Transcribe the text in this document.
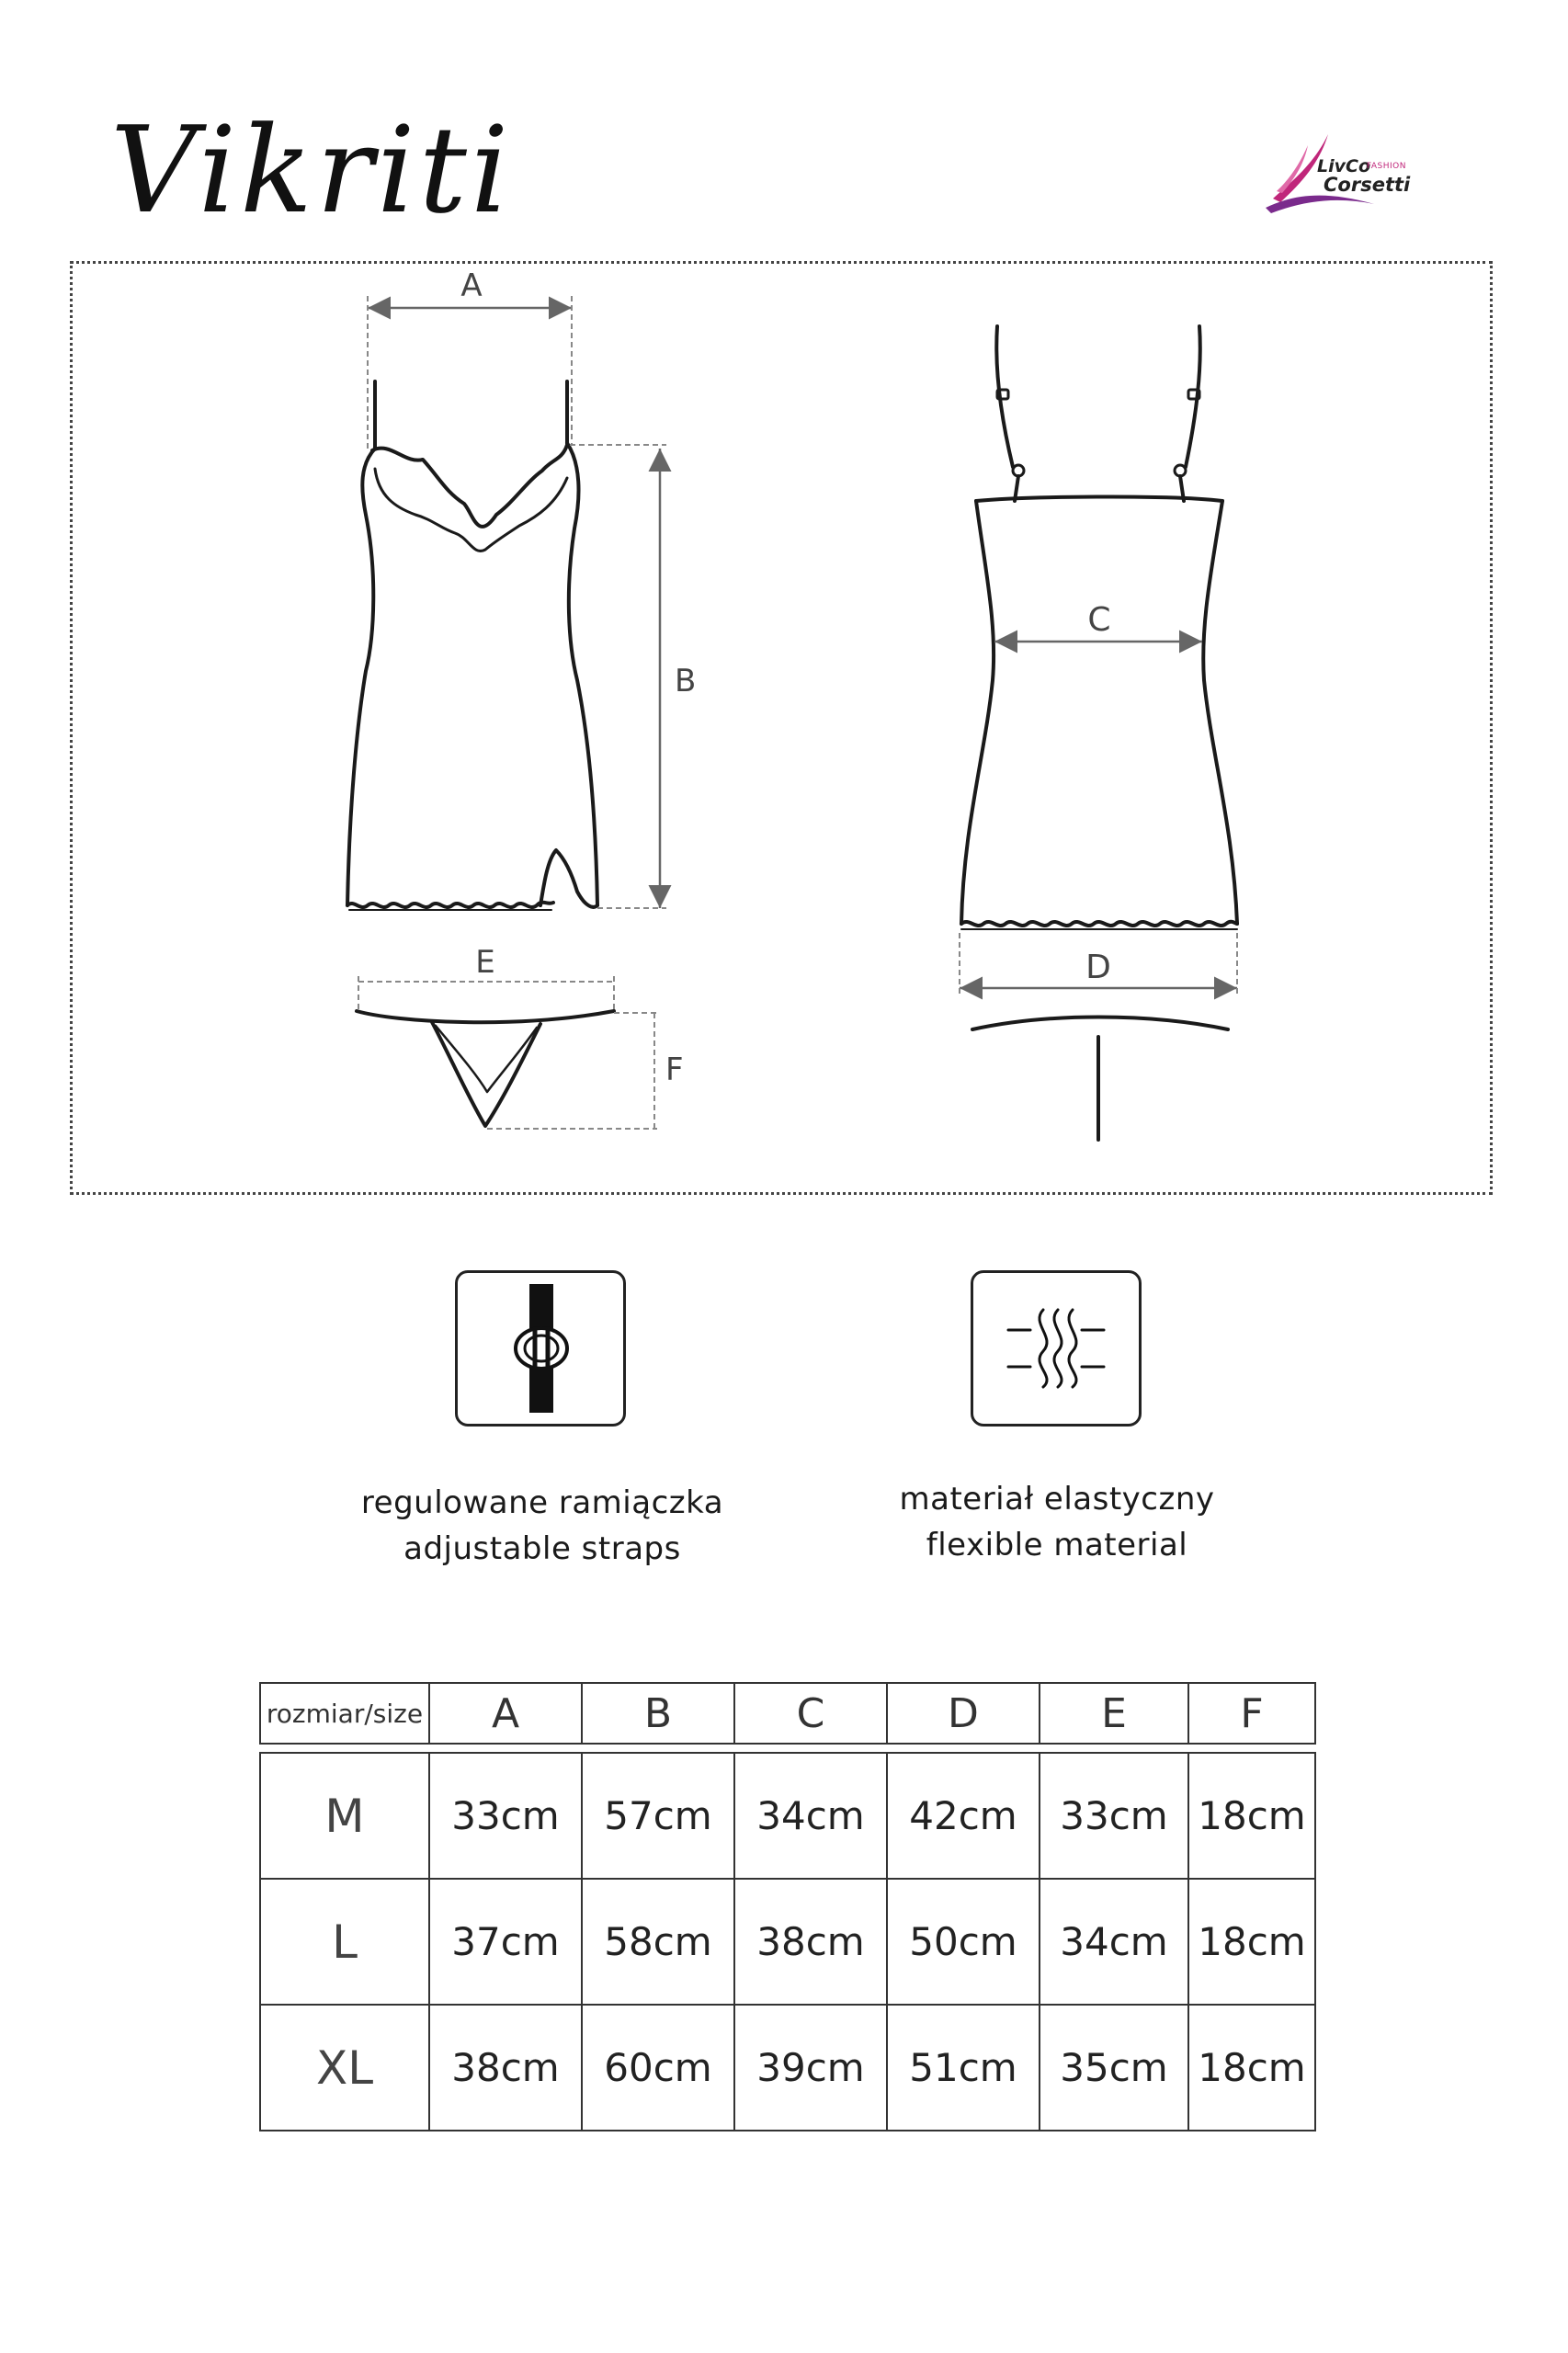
Vikriti	LivCo
FASHION
Corsetti
A
B
E
F
C
D
regulowane ramiączka
adjustable straps
materiał elastyczny
flexible material
rozmiar/size	A	B	C	D	E	F

M	33cm	57cm	34cm	42cm	33cm	18cm
L	37cm	58cm	38cm	50cm	34cm	18cm
XL	38cm	60cm	39cm	51cm	35cm	18cm
